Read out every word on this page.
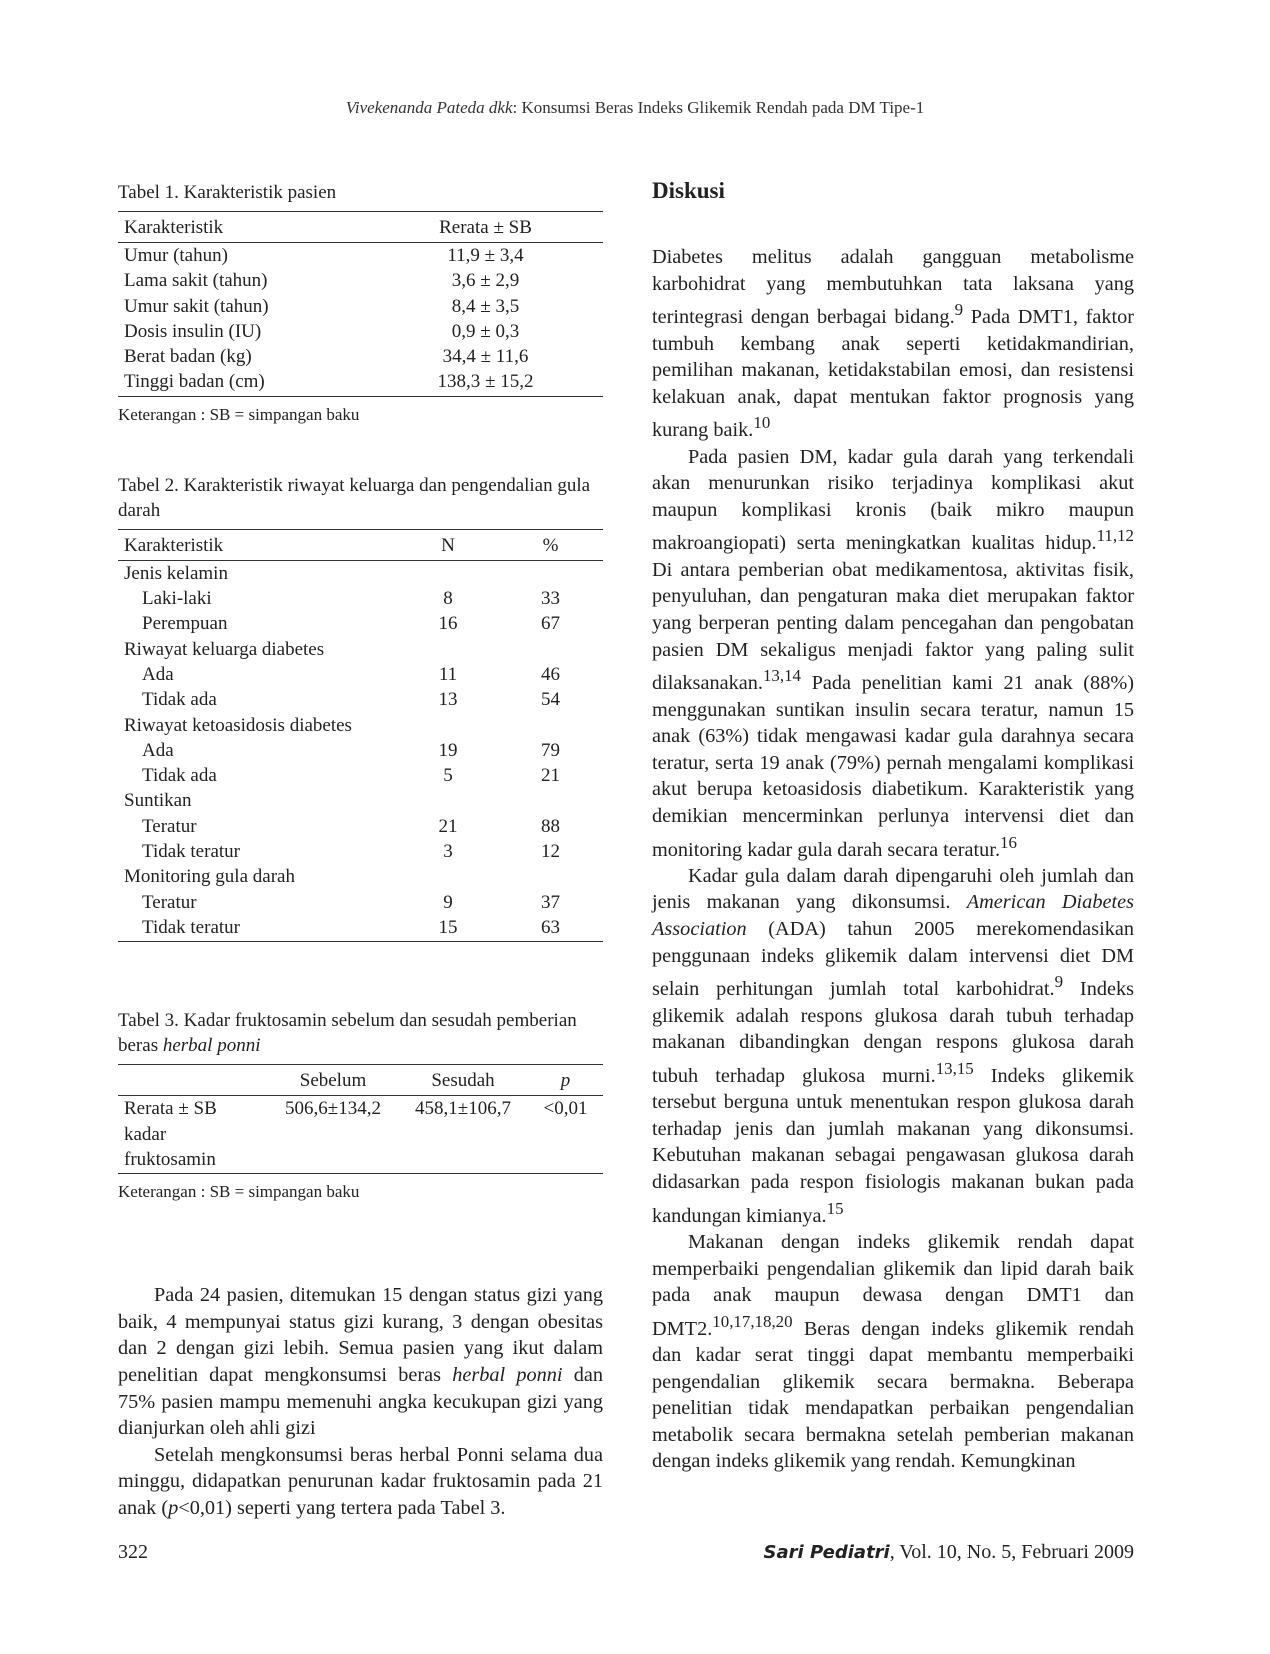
Vivekenanda Pateda dkk: Konsumsi Beras Indeks Glikemik Rendah pada DM Tipe-1

Tabel 1. Karakteristik pasien

Karakteristik	Rerata ± SB
Umur (tahun)	11,9 ± 3,4
Lama sakit (tahun)	3,6 ± 2,9
Umur sakit (tahun)	8,4 ± 3,5
Dosis insulin (IU)	0,9 ± 0,3
Berat badan (kg)	34,4 ± 11,6
Tinggi badan (cm)	138,3 ± 15,2
Keterangan : SB = simpangan baku

Tabel 2. Karakteristik riwayat keluarga dan pengendalian gula darah

Karakteristik	N	%
Jenis kelamin		
Laki-laki	8	33
Perempuan	16	67
Riwayat keluarga diabetes		
Ada	11	46
Tidak ada	13	54
Riwayat ketoasidosis diabetes		
Ada	19	79
Tidak ada	5	21
Suntikan		
Teratur	21	88
Tidak teratur	3	12
Monitoring gula darah		
Teratur	9	37
Tidak teratur	15	63

Tabel 3. Kadar fruktosamin sebelum dan sesudah pemberian beras herbal ponni

	Sebelum	Sesudah	p
Rerata ± SB
kadar fruktosamin	506,6±134,2	458,1±106,7	<0,01
Keterangan : SB = simpangan baku

Pada 24 pasien, ditemukan 15 dengan status gizi yang baik, 4 mempunyai status gizi kurang, 3 dengan obesitas dan 2 dengan gizi lebih. Semua pasien yang ikut dalam penelitian dapat mengkonsumsi beras herbal ponni dan 75% pasien mampu memenuhi angka kecukupan gizi yang dianjurkan oleh ahli gizi

Setelah mengkonsumsi beras herbal Ponni selama dua minggu, didapatkan penurunan kadar fruktosamin pada 21 anak (p<0,01) seperti yang tertera pada Tabel 3.

Diskusi

Diabetes melitus adalah gangguan metabolisme karbohidrat yang membutuhkan tata laksana yang terintegrasi dengan berbagai bidang.$^9$ Pada DMT1, faktor tumbuh kembang anak seperti ketidakmandirian, pemilihan makanan, ketidakstabilan emosi, dan resistensi kelakuan anak, dapat mentukan faktor prognosis yang kurang baik.$^{10}$

Pada pasien DM, kadar gula darah yang terkendali akan menurunkan risiko terjadinya komplikasi akut maupun komplikasi kronis (baik mikro maupun makroangiopati) serta meningkatkan kualitas hidup.$^{11,12}$ Di antara pemberian obat medikamentosa, aktivitas fisik, penyuluhan, dan pengaturan maka diet merupakan faktor yang berperan penting dalam pencegahan dan pengobatan pasien DM sekaligus menjadi faktor yang paling sulit dilaksanakan.$^{13,14}$ Pada penelitian kami 21 anak (88%) menggunakan suntikan insulin secara teratur, namun 15 anak (63%) tidak mengawasi kadar gula darahnya secara teratur, serta 19 anak (79%) pernah mengalami komplikasi akut berupa ketoasidosis diabetikum. Karakteristik yang demikian mencerminkan perlunya intervensi diet dan monitoring kadar gula darah secara teratur.$^{16}$

Kadar gula dalam darah dipengaruhi oleh jumlah dan jenis makanan yang dikonsumsi. American Diabetes Association (ADA) tahun 2005 merekomendasikan penggunaan indeks glikemik dalam intervensi diet DM selain perhitungan jumlah total karbohidrat.$^9$ Indeks glikemik adalah respons glukosa darah tubuh terhadap makanan dibandingkan dengan respons glukosa darah tubuh terhadap glukosa murni.$^{13,15}$ Indeks glikemik tersebut berguna untuk menentukan respon glukosa darah terhadap jenis dan jumlah makanan yang dikonsumsi. Kebutuhan makanan sebagai pengawasan glukosa darah didasarkan pada respon fisiologis makanan bukan pada kandungan kimianya.$^{15}$

Makanan dengan indeks glikemik rendah dapat memperbaiki pengendalian glikemik dan lipid darah baik pada anak maupun dewasa dengan DMT1 dan DMT2.$^{10,17,18,20}$ Beras dengan indeks glikemik rendah dan kadar serat tinggi dapat membantu memperbaiki pengendalian glikemik secara bermakna. Beberapa penelitian tidak mendapatkan perbaikan pengendalian metabolik secara bermakna setelah pemberian makanan dengan indeks glikemik yang rendah. Kemungkinan

322	Sari Pediatri, Vol. 10, No. 5, Februari 2009
